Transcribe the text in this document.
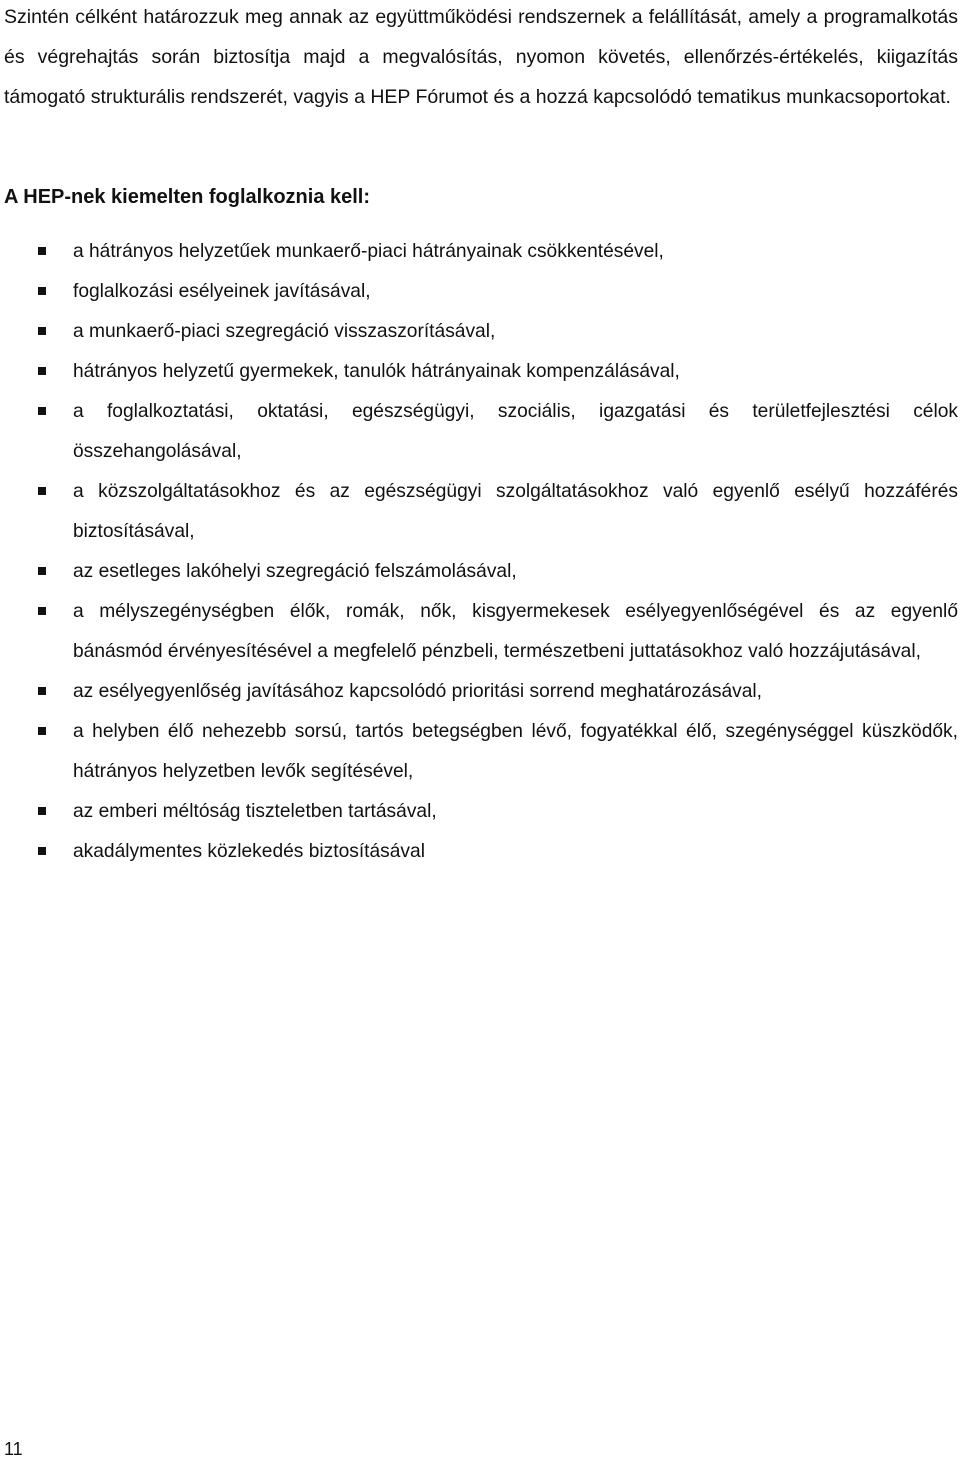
Szintén célként határozzuk meg annak az együttműködési rendszernek a felállítását, amely a programalkotás és végrehajtás során biztosítja majd a megvalósítás, nyomon követés, ellenőrzés-értékelés, kiigazítás támogató strukturális rendszerét, vagyis a HEP Fórumot és a hozzá kapcsolódó tematikus munkacsoportokat.

A HEP-nek kiemelten foglalkoznia kell:
a hátrányos helyzetűek munkaerő-piaci hátrányainak csökkentésével,
foglalkozási esélyeinek javításával,
a munkaerő-piaci szegregáció visszaszorításával,
hátrányos helyzetű gyermekek, tanulók hátrányainak kompenzálásával,
a foglalkoztatási, oktatási, egészségügyi, szociális, igazgatási és területfejlesztési célok összehangolásával,
a közszolgáltatásokhoz és az egészségügyi szolgáltatásokhoz való egyenlő esélyű hozzáférés biztosításával,
az esetleges lakóhelyi szegregáció felszámolásával,
a mélyszegénységben élők, romák, nők, kisgyermekesek esélyegyenlőségével és az egyenlő bánásmód érvényesítésével a megfelelő pénzbeli, természetbeni juttatásokhoz való hozzájutásával,
az esélyegyenlőség javításához kapcsolódó prioritási sorrend meghatározásával,
a helyben élő nehezebb sorsú, tartós betegségben lévő, fogyatékkal élő, szegénységgel küszködők, hátrányos helyzetben levők segítésével,
az emberi méltóság tiszteletben tartásával,
akadálymentes közlekedés biztosításával
11
